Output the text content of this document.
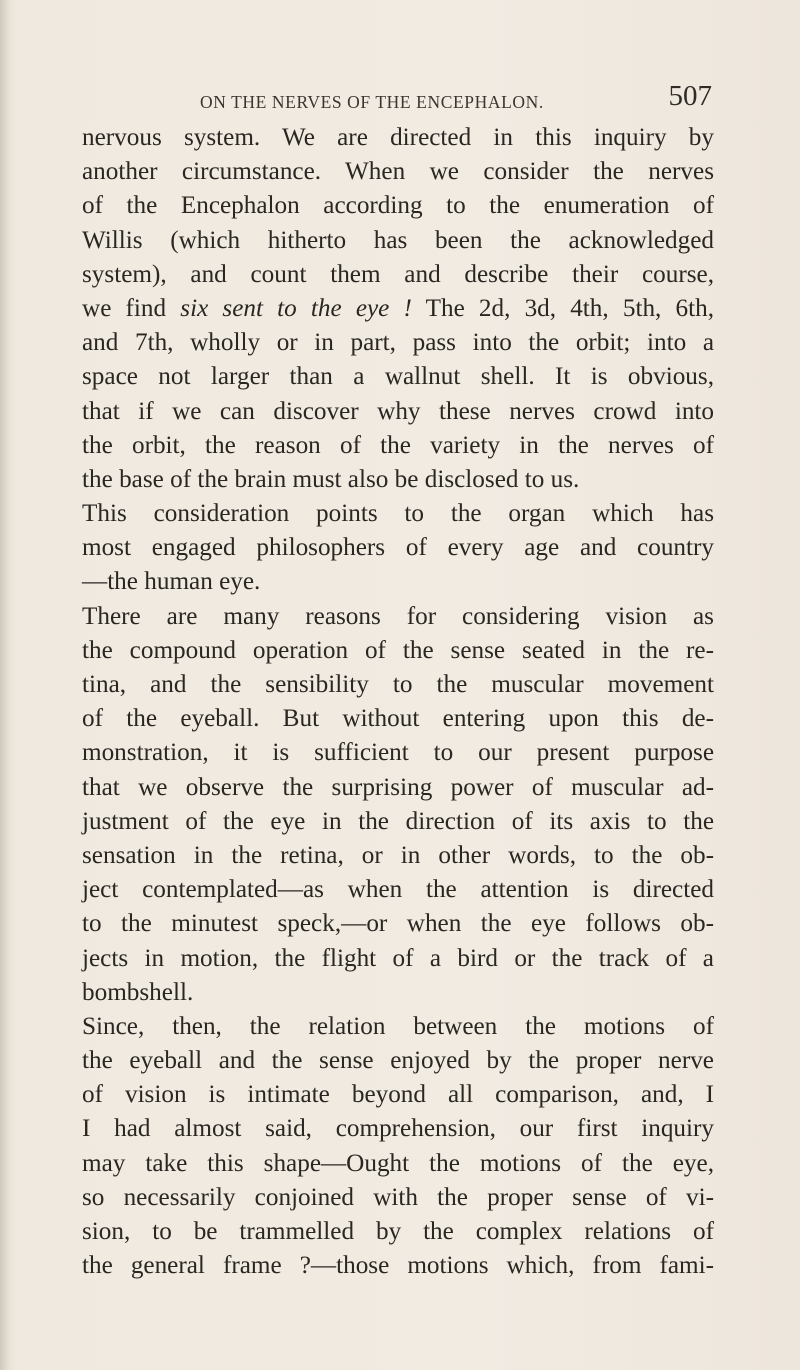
ON THE NERVES OF THE ENCEPHALON.	507
nervous system. We are directed in this inquiry by
another circumstance. When we consider the nerves
of the Encephalon according to the enumeration of
Willis (which hitherto has been the acknowledged
system), and count them and describe their course,
we find six sent to the eye ! The 2d, 3d, 4th, 5th, 6th,
and 7th, wholly or in part, pass into the orbit; into a
space not larger than a wallnut shell. It is obvious,
that if we can discover why these nerves crowd into
the orbit, the reason of the variety in the nerves of
the base of the brain must also be disclosed to us.
This consideration points to the organ which has
most engaged philosophers of every age and country
—the human eye.
There are many reasons for considering vision as
the compound operation of the sense seated in the re-
tina, and the sensibility to the muscular movement
of the eyeball. But without entering upon this de-
monstration, it is sufficient to our present purpose
that we observe the surprising power of muscular ad-
justment of the eye in the direction of its axis to the
sensation in the retina, or in other words, to the ob-
ject contemplated—as when the attention is directed
to the minutest speck,—or when the eye follows ob-
jects in motion, the flight of a bird or the track of a
bombshell.
Since, then, the relation between the motions of
the eyeball and the sense enjoyed by the proper nerve
of vision is intimate beyond all comparison, and, I
I had almost said, comprehension, our first inquiry
may take this shape—Ought the motions of the eye,
so necessarily conjoined with the proper sense of vi-
sion, to be trammelled by the complex relations of
the general frame ?—those motions which, from fami-
